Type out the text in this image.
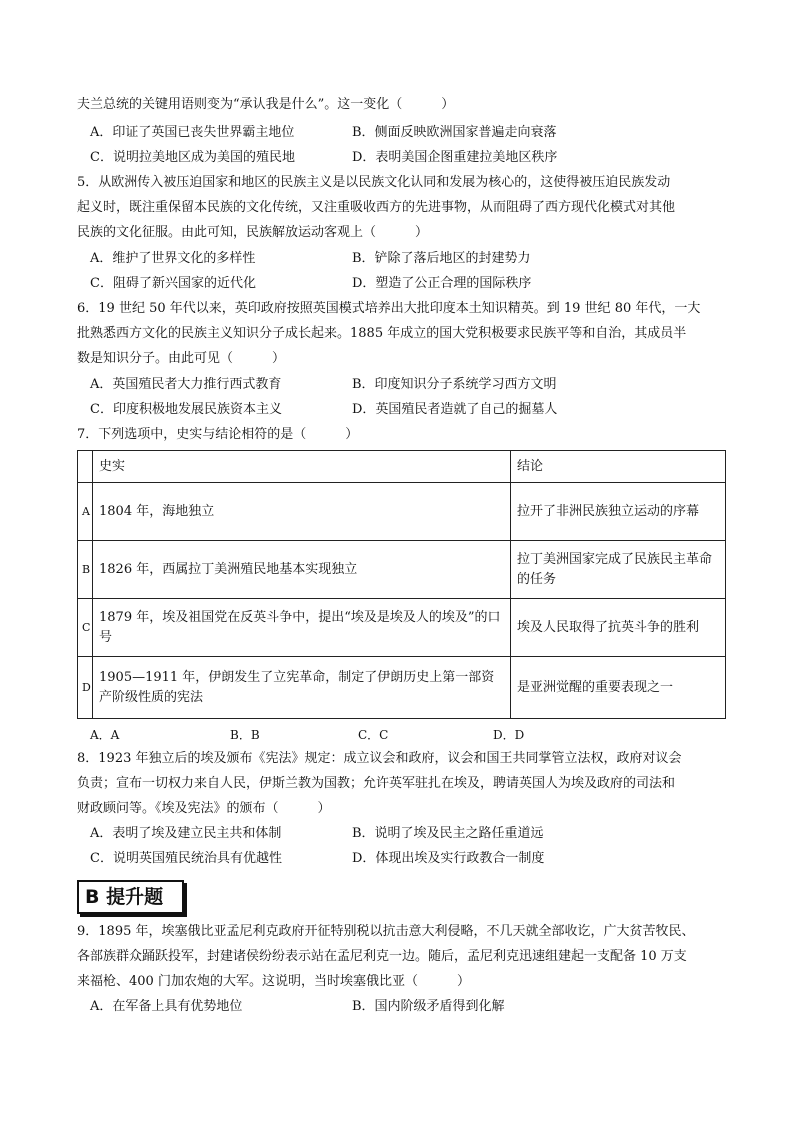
夫兰总统的关键用语则变为“承认我是什么”。这一变化（　　　）
A．印证了英国已丧失世界霸主地位	B．侧面反映欧洲国家普遍走向衰落
C．说明拉美地区成为美国的殖民地	D．表明美国企图重建拉美地区秩序
5．从欧洲传入被压迫国家和地区的民族主义是以民族文化认同和发展为核心的，这使得被压迫民族发动
起义时，既注重保留本民族的文化传统，又注重吸收西方的先进事物，从而阻碍了西方现代化模式对其他
民族的文化征服。由此可知，民族解放运动客观上（　　　）
A．维护了世界文化的多样性	B．铲除了落后地区的封建势力
C．阻碍了新兴国家的近代化	D．塑造了公正合理的国际秩序
6．19 世纪 50 年代以来，英印政府按照英国模式培养出大批印度本土知识精英。到 19 世纪 80 年代，一大
批熟悉西方文化的民族主义知识分子成长起来。1885 年成立的国大党积极要求民族平等和自治，其成员半
数是知识分子。由此可见（　　　）
A．英国殖民者大力推行西式教育	B．印度知识分子系统学习西方文明
C．印度积极地发展民族资本主义	D．英国殖民者造就了自己的掘墓人
7．下列选项中，史实与结论相符的是（　　　）
	史实	结论
A	1804 年，海地独立	拉开了非洲民族独立运动的序幕
B	1826 年，西属拉丁美洲殖民地基本实现独立	拉丁美洲国家完成了民族民主革命的任务
C	1879 年，埃及祖国党在反英斗争中，提出“埃及是埃及人的埃及”的口号	埃及人民取得了抗英斗争的胜利
D	1905—1911 年，伊朗发生了立宪革命，制定了伊朗历史上第一部资产阶级性质的宪法	是亚洲觉醒的重要表现之一
A．A	B．B	C．C	D．D
8．1923 年独立后的埃及颁布《宪法》规定：成立议会和政府，议会和国王共同掌管立法权，政府对议会
负责；宣布一切权力来自人民，伊斯兰教为国教；允许英军驻扎在埃及，聘请英国人为埃及政府的司法和
财政顾问等。《埃及宪法》的颁布（　　　）
A．表明了埃及建立民主共和体制	B．说明了埃及民主之路任重道远
C．说明英国殖民统治具有优越性	D．体现出埃及实行政教合一制度
B 提升题
9．1895 年，埃塞俄比亚孟尼利克政府开征特别税以抗击意大利侵略，不几天就全部收讫，广大贫苦牧民、
各部族群众踊跃投军，封建诸侯纷纷表示站在孟尼利克一边。随后，孟尼利克迅速组建起一支配备 10 万支
来福枪、400 门加农炮的大军。这说明，当时埃塞俄比亚（　　　）
A．在军备上具有优势地位	B．国内阶级矛盾得到化解
